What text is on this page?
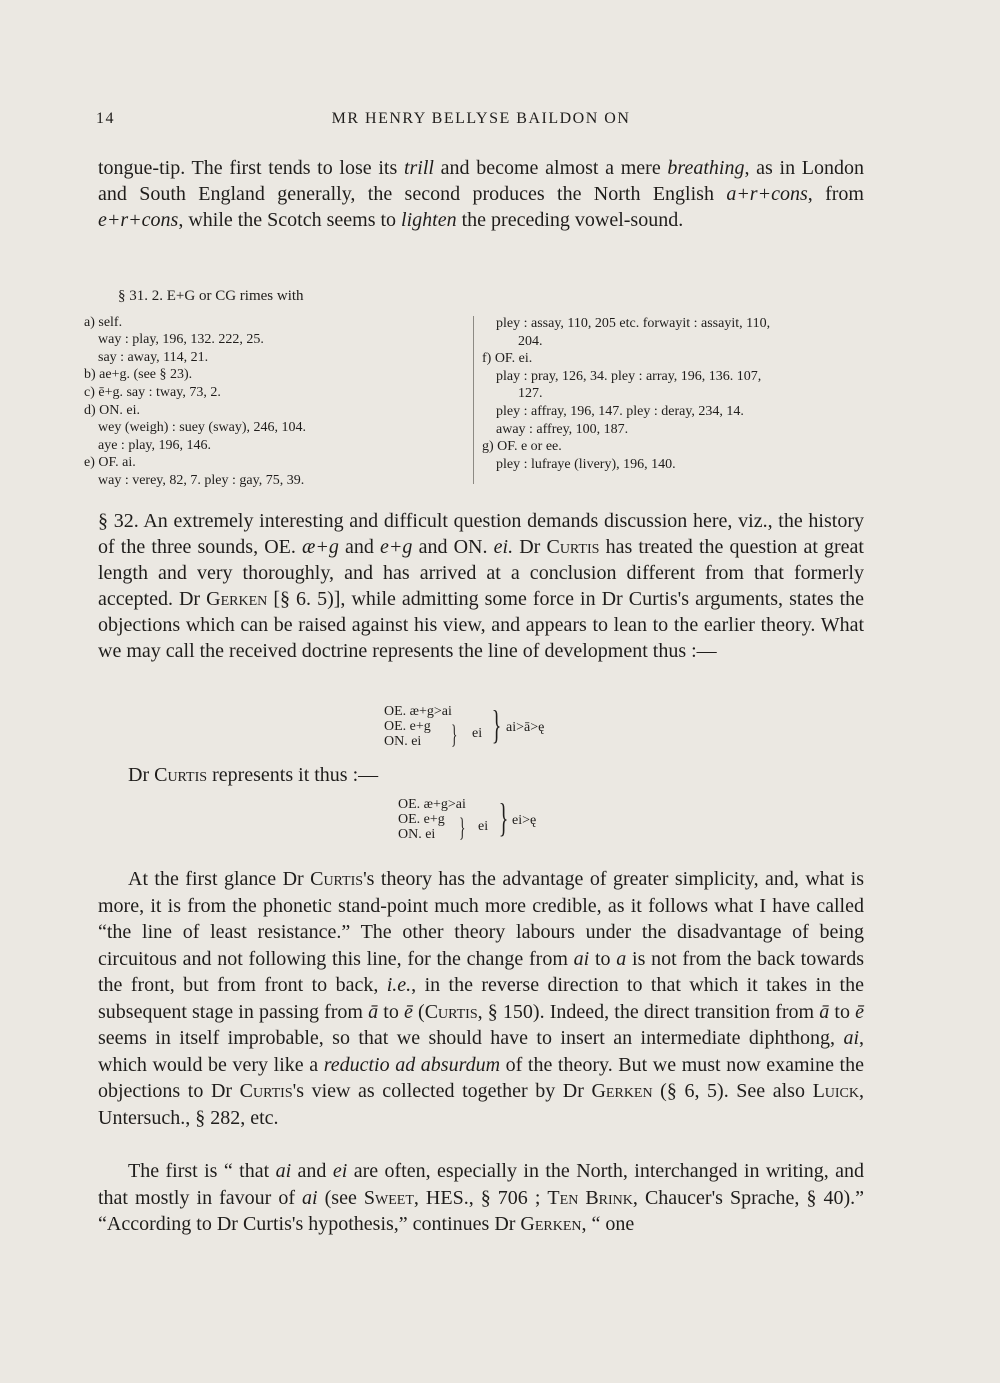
14	MR HENRY BELLYSE BAILDON ON
tongue-tip. The first tends to lose its trill and become almost a mere breathing, as in London and South England generally, the second produces the North English a+r+cons, from e+r+cons, while the Scotch seems to lighten the preceding vowel-sound.
§ 31. 2. E+G or CG rimes with
a) self.
way : play, 196, 132. 222, 25.
say : away, 114, 21.
b) ae+g. (see § 23).
c) ē+g. say : tway, 73, 2.
d) ON. ei.
wey (weigh) : suey (sway), 246, 104.
aye : play, 196, 146.
e) OF. ai.
way : verey, 82, 7. pley : gay, 75, 39.
pley : assay, 110, 205 etc. forwayit : assayit, 110,
204.
f) OF. ei.
play : pray, 126, 34. pley : array, 196, 136. 107,
127.
pley : affray, 196, 147. pley : deray, 234, 14.
away : affrey, 100, 187.
g) OF. e or ee.
pley : lufraye (livery), 196, 140.
§ 32. An extremely interesting and difficult question demands discussion here, viz., the history of the three sounds, OE. æ+g and e+g and ON. ei. Dr Curtis has treated the question at great length and very thoroughly, and has arrived at a conclusion different from that formerly accepted. Dr Gerken [§ 6. 5)], while admitting some force in Dr Curtis's arguments, states the objections which can be raised against his view, and appears to lean to the earlier theory. What we may call the received doctrine represents the line of development thus :—
OE. æ+g>ai
OE. e+g
ON. ei	} ei } ai>ā>ę
Dr Curtis represents it thus :—
OE. æ+g>ai
OE. e+g
ON. ei } ei } ei>ę
At the first glance Dr Curtis's theory has the advantage of greater simplicity, and, what is more, it is from the phonetic stand-point much more credible, as it follows what I have called “the line of least resistance.” The other theory labours under the disadvantage of being circuitous and not following this line, for the change from ai to a is not from the back towards the front, but from front to back, i.e., in the reverse direction to that which it takes in the subsequent stage in passing from ā to ē (Curtis, § 150). Indeed, the direct transition from ā to ē seems in itself improbable, so that we should have to insert an intermediate diphthong, ai, which would be very like a reductio ad absurdum of the theory. But we must now examine the objections to Dr Curtis's view as collected together by Dr Gerken (§ 6, 5). See also Luick, Untersuch., § 282, etc.
The first is “ that ai and ei are often, especially in the North, interchanged in writing, and that mostly in favour of ai (see Sweet, HES., § 706 ; Ten Brink, Chaucer's Sprache, § 40).” “According to Dr Curtis's hypothesis,” continues Dr Gerken, “ one
